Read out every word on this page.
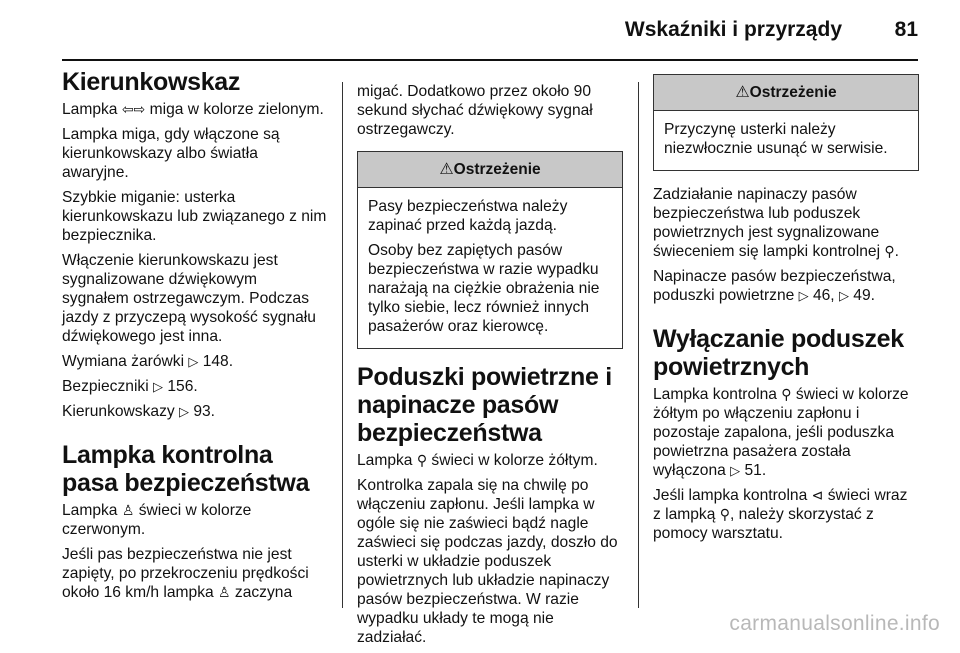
Wskaźniki i przyrządy	81
Kierunkowskaz

Lampka ⇦⇨ miga w kolorze zielonym.

Lampka miga, gdy włączone są kierunkowskazy albo światła awaryjne.

Szybkie miganie: usterka kierunkowskazu lub związanego z nim bezpiecznika.

Włączenie kierunkowskazu jest sygnalizowane dźwiękowym sygnałem ostrzegawczym. Podczas jazdy z przyczepą wysokość sygnału dźwiękowego jest inna.

Wymiana żarówki ▷ 148.

Bezpieczniki ▷ 156.

Kierunkowskazy ▷ 93.

Lampka kontrolna pasa bezpieczeństwa

Lampka ♙ świeci w kolorze czerwonym.

Jeśli pas bezpieczeństwa nie jest zapięty, po przekroczeniu prędkości około 16 km/h lampka ♙ zaczyna

migać. Dodatkowo przez około 90 sekund słychać dźwiękowy sygnał ostrzegawczy.

⚠Ostrzeżenie

Pasy bezpieczeństwa należy zapinać przed każdą jazdą.

Osoby bez zapiętych pasów bezpieczeństwa w razie wypadku narażają na ciężkie obrażenia nie tylko siebie, lecz również innych pasażerów oraz kierowcę.

Poduszki powietrzne i napinacze pasów bezpieczeństwa

Lampka ⚲ świeci w kolorze żółtym.

Kontrolka zapala się na chwilę po włączeniu zapłonu. Jeśli lampka w ogóle się nie zaświeci bądź nagle zaświeci się podczas jazdy, doszło do usterki w układzie poduszek powietrznych lub układzie napinaczy pasów bezpieczeństwa. W razie wypadku układy te mogą nie zadziałać.

⚠Ostrzeżenie

Przyczynę usterki należy niezwłocznie usunąć w serwisie.

Zadziałanie napinaczy pasów bezpieczeństwa lub poduszek powietrznych jest sygnalizowane świeceniem się lampki kontrolnej ⚲.

Napinacze pasów bezpieczeństwa, poduszki powietrzne ▷ 46, ▷ 49.

Wyłączanie poduszek powietrznych

Lampka kontrolna ⚲ świeci w kolorze żółtym po włączeniu zapłonu i pozostaje zapalona, jeśli poduszka powietrzna pasażera została wyłączona ▷ 51.

Jeśli lampka kontrolna ⊲ świeci wraz z lampką ⚲, należy skorzystać z pomocy warsztatu.

carmanualsonline.info
